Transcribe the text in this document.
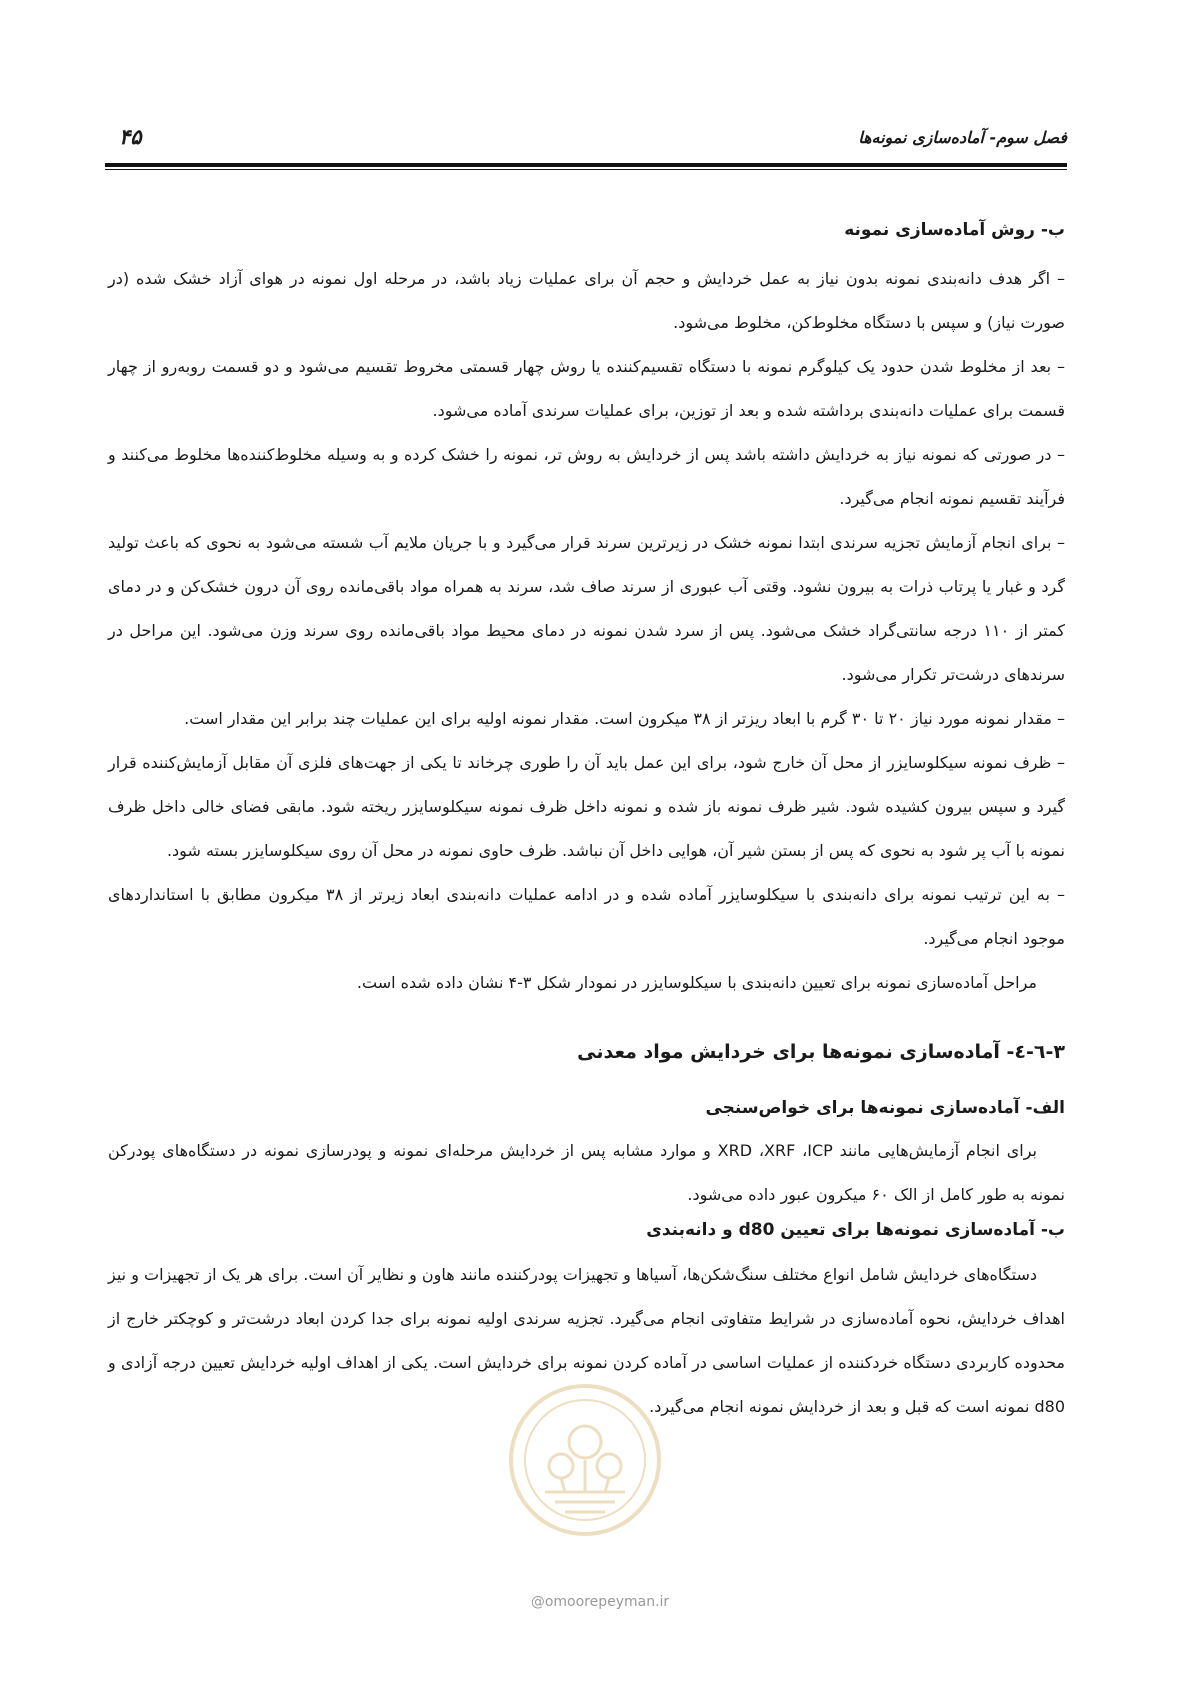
فصل سوم- آماده‌سازی نمونه‌ها
۴۵
ب- روش آماده‌سازی نمونه

– اگر هدف دانه‌بندی نمونه بدون نیاز به عمل خردایش و حجم آن برای عملیات زیاد باشد، در مرحله اول نمونه در هوای آزاد خشک شده (در صورت نیاز) و سپس با دستگاه مخلوط‌کن، مخلوط می‌شود.

– بعد از مخلوط شدن حدود یک کیلوگرم نمونه با دستگاه تقسیم‌کننده یا روش چهار قسمتی مخروط تقسیم می‌شود و دو قسمت روبه‌رو از چهار قسمت برای عملیات دانه‌بندی برداشته شده و بعد از توزین، برای عملیات سرندی آماده می‌شود.

– در صورتی که نمونه نیاز به خردایش داشته باشد پس از خردایش به روش تر، نمونه را خشک کرده و به وسیله مخلوط‌کننده‌ها مخلوط می‌کنند و فرآیند تقسیم نمونه انجام می‌گیرد.

– برای انجام آزمایش تجزیه سرندی ابتدا نمونه خشک در زیرترین سرند قرار می‌گیرد و با جریان ملایم آب شسته می‌شود به نحوی که باعث تولید گرد و غبار یا پرتاب ذرات به بیرون نشود. وقتی آب عبوری از سرند صاف شد، سرند به همراه مواد باقی‌مانده روی آن درون خشک‌کن و در دمای کمتر از ۱۱۰ درجه سانتی‌گراد خشک می‌شود. پس از سرد شدن نمونه در دمای محیط مواد باقی‌مانده روی سرند وزن می‌شود. این مراحل در سرندهای درشت‌تر تکرار می‌شود.

– مقدار نمونه مورد نیاز ۲۰ تا ۳۰ گرم با ابعاد ریزتر از ۳۸ میکرون است. مقدار نمونه اولیه برای این عملیات چند برابر این مقدار است.

– ظرف نمونه سیکلوسایزر از محل آن خارج شود، برای این عمل باید آن را طوری چرخاند تا یکی از جهت‌های فلزی آن مقابل آزمایش‌کننده قرار گیرد و سپس بیرون کشیده شود. شیر ظرف نمونه باز شده و نمونه داخل ظرف نمونه سیکلوسایزر ریخته شود. مابقی فضای خالی داخل ظرف نمونه با آب پر شود به نحوی که پس از بستن شیر آن، هوایی داخل آن نباشد. ظرف حاوی نمونه در محل آن روی سیکلوسایزر بسته شود.

– به این ترتیب نمونه برای دانه‌بندی با سیکلوسایزر آماده شده و در ادامه عملیات دانه‌بندی ابعاد زیرتر از ۳۸ میکرون مطابق با استانداردهای موجود انجام می‌گیرد.

مراحل آماده‌سازی نمونه برای تعیین دانه‌بندی با سیکلوسایزر در نمودار شکل ۳-۴ نشان داده شده است.

۳-٦-٤- آماده‌سازی نمونه‌ها برای خردایش مواد معدنی
الف- آماده‌سازی نمونه‌ها برای خواص‌سنجی

برای انجام آزمایش‌هایی مانند XRD ،XRF ،ICP و موارد مشابه پس از خردایش مرحله‌ای نمونه و پودرسازی نمونه در دستگاه‌های پودرکن نمونه به طور کامل از الک ۶۰ میکرون عبور داده می‌شود.

ب- آماده‌سازی نمونه‌ها برای تعیین d80 و دانه‌بندی

دستگاه‌های خردایش شامل انواع مختلف سنگ‌شکن‌ها، آسیاها و تجهیزات پودرکننده مانند هاون و نظایر آن است. برای هر یک از تجهیزات و نیز اهداف خردایش، نحوه آماده‌سازی در شرایط متفاوتی انجام می‌گیرد. تجزیه سرندی اولیه نمونه برای جدا کردن ابعاد درشت‌تر و کوچکتر خارج از محدوده کاربردی دستگاه خردکننده از عملیات اساسی در آماده کردن نمونه برای خردایش است. یکی از اهداف اولیه خردایش تعیین درجه آزادی و d80 نمونه است که قبل و بعد از خردایش نمونه انجام می‌گیرد.

@omoorepeyman.ir
